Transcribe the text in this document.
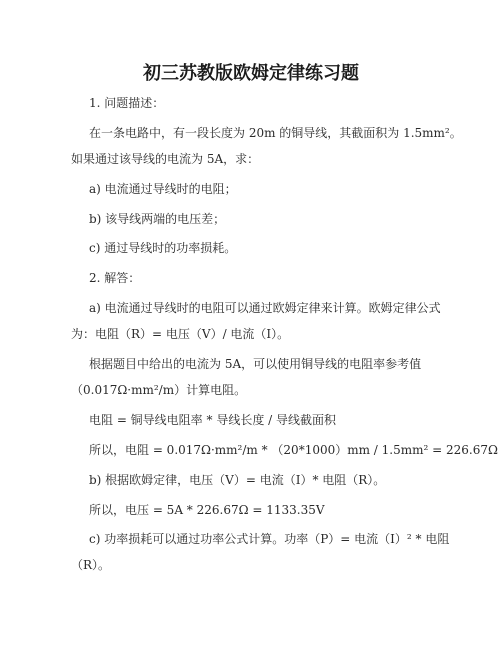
初三苏教版欧姆定律练习题
1. 问题描述：
在一条电路中，有一段长度为 20m 的铜导线，其截面积为 1.5mm²。
如果通过该导线的电流为 5A，求：
a) 电流通过导线时的电阻；
b) 该导线两端的电压差；
c) 通过导线时的功率损耗。
2. 解答：
a) 电流通过导线时的电阻可以通过欧姆定律来计算。欧姆定律公式
为：电阻（R）= 电压（V）/ 电流（I）。
根据题目中给出的电流为 5A，可以使用铜导线的电阻率参考值
（0.017Ω·mm²/m）计算电阻。
电阻 = 铜导线电阻率 * 导线长度 / 导线截面积
所以，电阻 = 0.017Ω·mm²/m * （20*1000）mm / 1.5mm² = 226.67Ω
b) 根据欧姆定律，电压（V）= 电流（I）* 电阻（R）。
所以，电压 = 5A * 226.67Ω = 1133.35V
c) 功率损耗可以通过功率公式计算。功率（P）= 电流（I）² * 电阻
（R）。
